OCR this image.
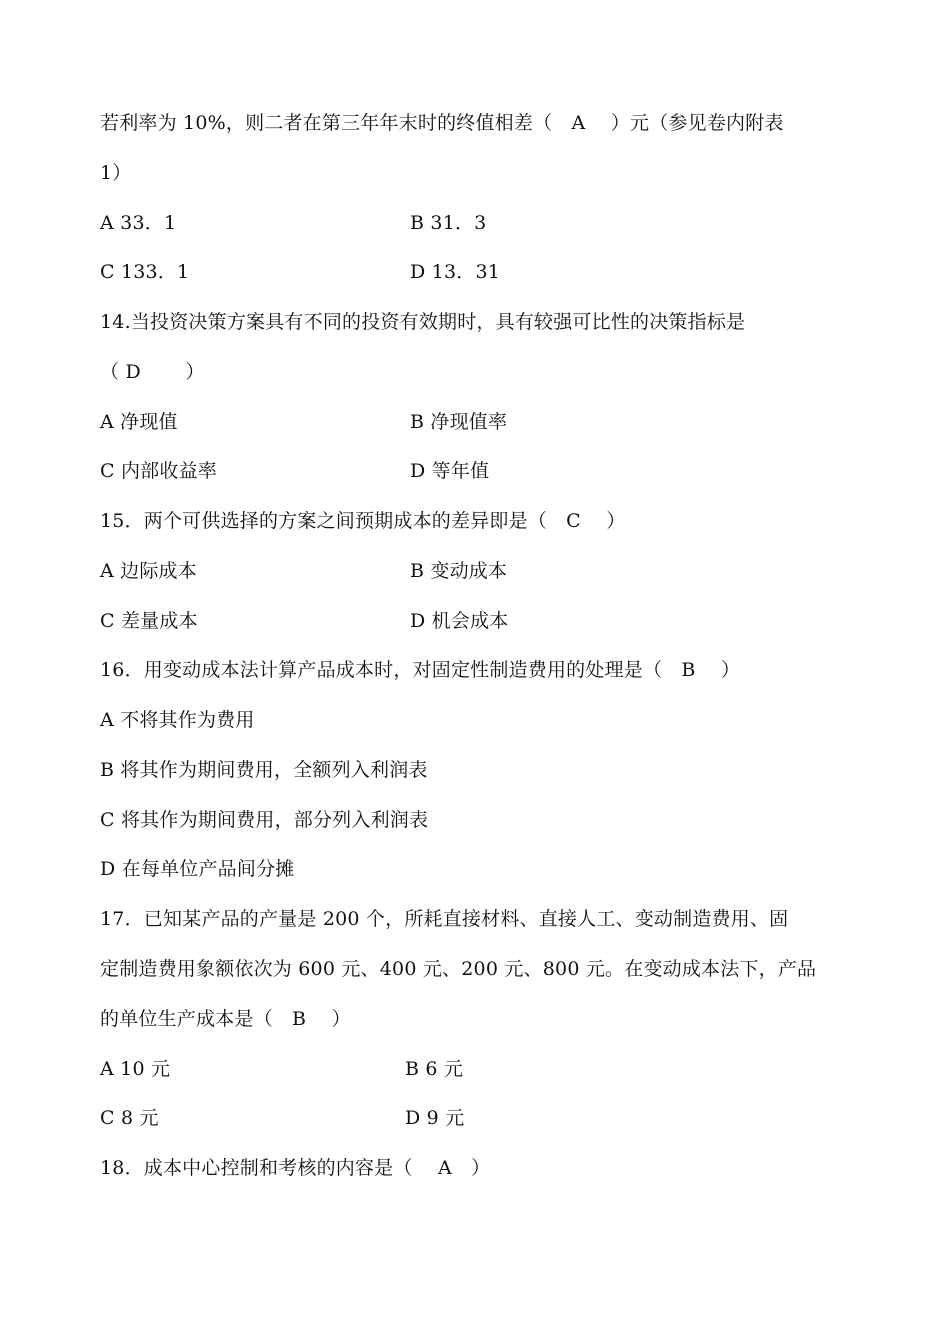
若利率为 10%，则二者在第三年年末时的终值相差（　A　 ）元（参见卷内附表
1）
A 33．1	B 31．3
C 133．1	D 13．31
14.当投资决策方案具有不同的投资有效期时，具有较强可比性的决策指标是
（ D　　 ）
A 净现值	B 净现值率
C 内部收益率	D 等年值
15．两个可供选择的方案之间预期成本的差异即是（　C　 ）
A 边际成本	B 变动成本
C 差量成本	D 机会成本
16．用变动成本法计算产品成本时，对固定性制造费用的处理是（　B　 ）
A 不将其作为费用
B 将其作为期间费用，全额列入利润表
C 将其作为期间费用，部分列入利润表
D 在每单位产品间分摊
17．已知某产品的产量是 200 个，所耗直接材料、直接人工、变动制造费用、固
定制造费用象额依次为 600 元、400 元、200 元、800 元。在变动成本法下，产品
的单位生产成本是（　B　 ）
A 10 元	B 6 元
C 8 元	D 9 元
18．成本中心控制和考核的内容是（　 A　）
